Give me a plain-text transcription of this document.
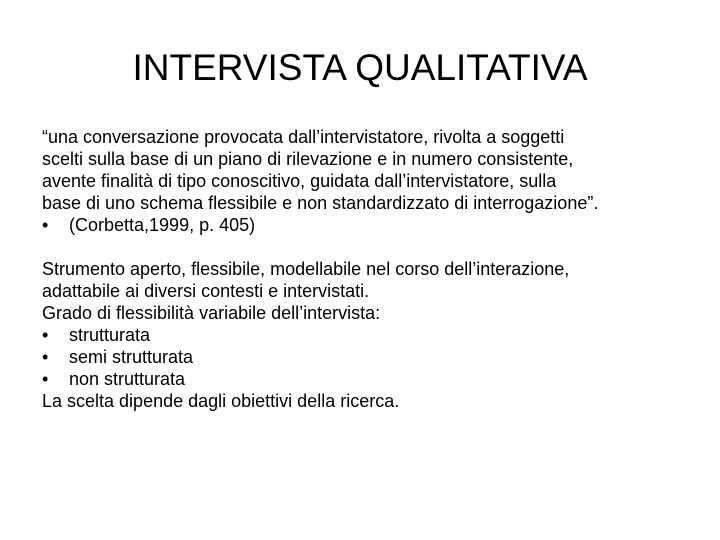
INTERVISTA QUALITATIVA

“una conversazione provocata dall’intervistatore, rivolta a soggetti
scelti sulla base di un piano di rilevazione e in numero consistente,
avente finalità di tipo conoscitivo, guidata dall’intervistatore, sulla
base di uno schema flessibile e non standardizzato di interrogazione”.

• (Corbetta,1999, p. 405)

Strumento aperto, flessibile, modellabile nel corso dell’interazione,
adattabile ai diversi contesti e intervistati.
Grado di flessibilità variabile dell’intervista:

• strutturata
• semi strutturata
• non strutturata
La scelta dipende dagli obiettivi della ricerca.
